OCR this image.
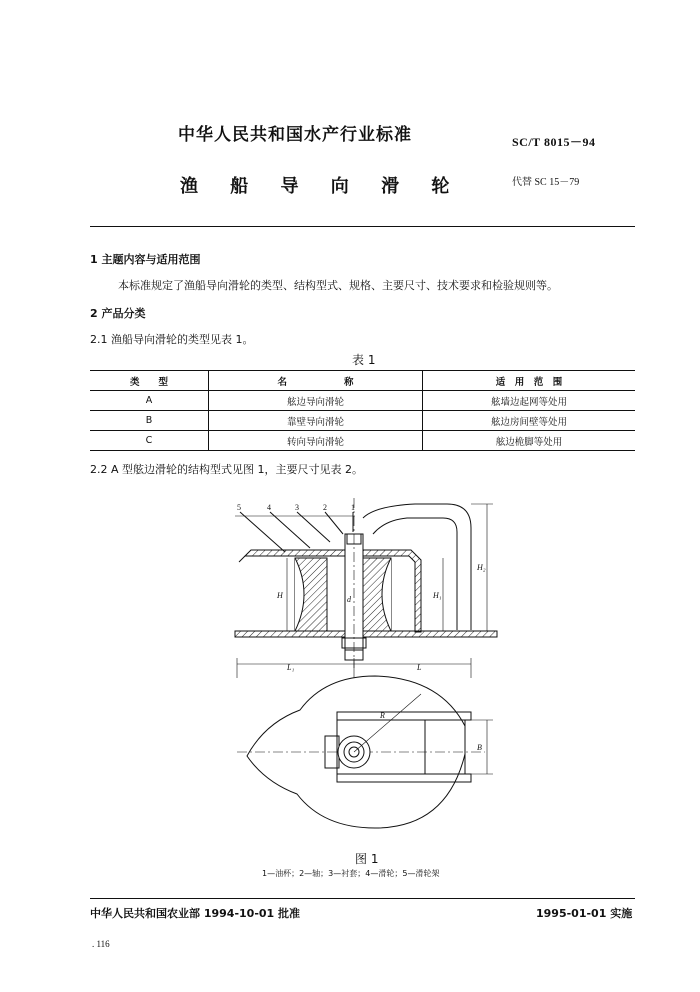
中华人民共和国水产行业标准	SC/T 8015－94
渔 船 导 向 滑 轮	代替 SC 15－79
1 主题内容与适用范围
本标准规定了渔船导向滑轮的类型、结构型式、规格、主要尺寸、技术要求和检验规则等。
2 产品分类
2.1 渔船导向滑轮的类型见表 1。
表 1
类　　型	名　　　　　　称	适　用　范　围
A	舷边导向滑轮	舷墙边起网等处用
B	靠壁导向滑轮	舷边房间壁等处用
C	转向导向滑轮	舷边桅脚等处用
2.2 A 型舷边滑轮的结构型式见图 1，主要尺寸见表 2。
5	4	3	2	1
H	H₁
H₂
d
L₁	L
R
B
图 1
1—油杯；2—轴；3—衬套；4—滑轮；5—滑轮架
中华人民共和国农业部 1994-10-01 批准	1995-01-01 实施
. 116
